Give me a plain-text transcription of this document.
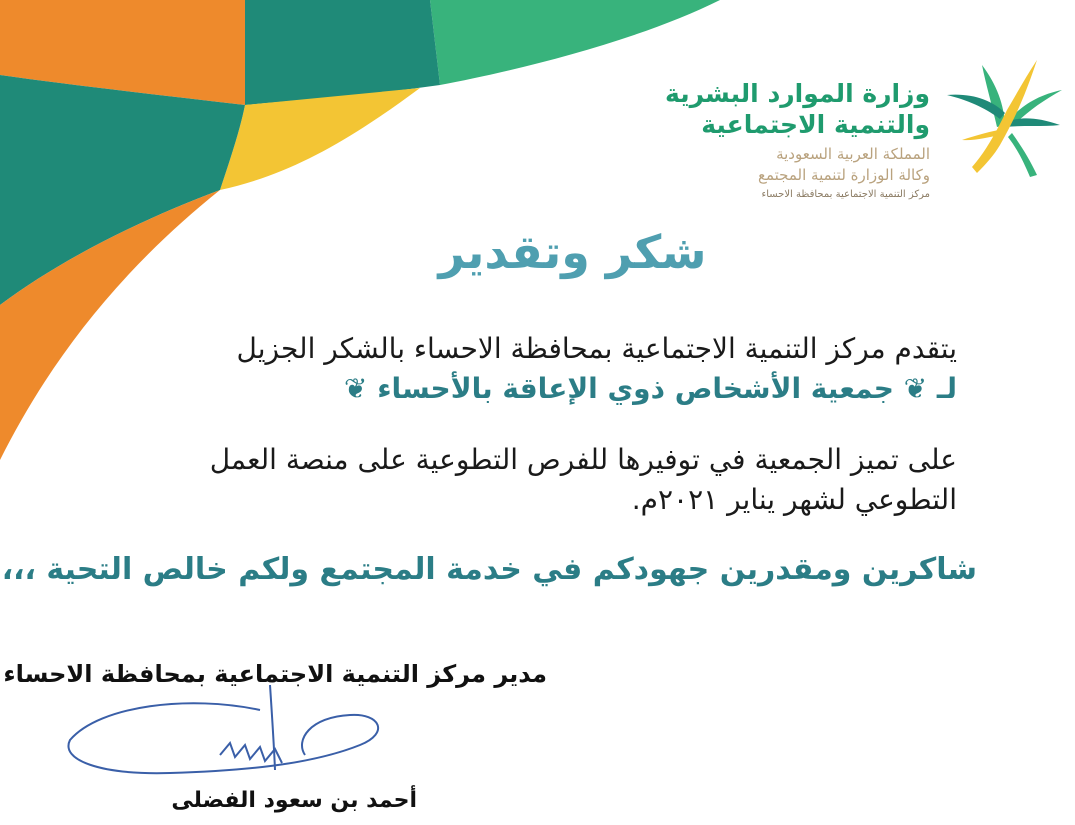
وزارة الموارد البشرية

والتنمية الاجتماعية

المملكة العربية السعودية

وكالة الوزارة لتنمية المجتمع

مركز التنمية الاجتماعية بمحافظة الاحساء

شكر وتقدير

يتقدم مركز التنمية الاجتماعية بمحافظة الاحساء بالشكر الجزيل

لـ ❦ جمعية الأشخاص ذوي الإعاقة بالأحساء ❦

على تميز الجمعية في توفيرها للفرص التطوعية على منصة العمل

التطوعي لشهر يناير ٢٠٢١م.

شاكرين ومقدرين جهودكم في خدمة المجتمع ولكم خالص التحية ،،،

مدير مركز التنمية الاجتماعية بمحافظة الاحساء

أحمد بن سعود الفضلى
